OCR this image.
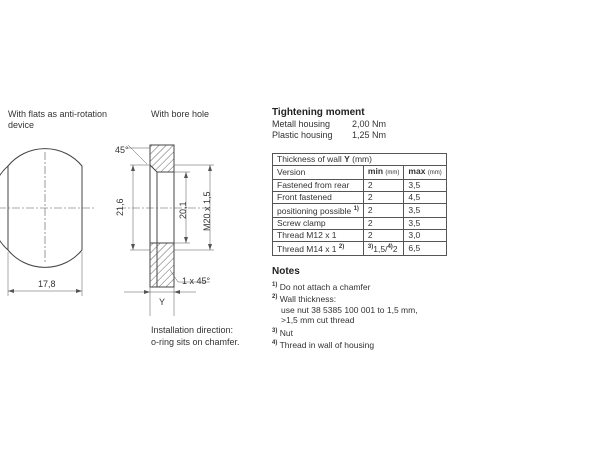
With flats as anti-rotation
device
17,8
With bore hole
45°
21,6	20,1 M20 x 1,5
1 x 45°
Y
Installation direction:
o-ring sits on chamfer.
Tightening moment
Metall housing 2,00 Nm
Plastic housing 1,25 Nm
Thickness of wall Y (mm)		
Version	min (mm)	max (mm)
Fastened from rear	2	3,5
Front fastened	2	4,5
positioning possible $^{1)}$	2	3,5
Screw clamp	2	3,5
Thread M12 x 1	2	3,0
Thread M14 x 1 $^{2)}$	$^{3)}$1,5/$^{4)}$2	6,5
Notes
$^{1)}$ Do not attach a chamfer
$^{2)}$ Wall thickness:
use nut 38 5385 100 001 to 1,5 mm,
>1,5 mm cut thread
$^{3)}$ Nut
$^{4)}$ Thread in wall of housing
